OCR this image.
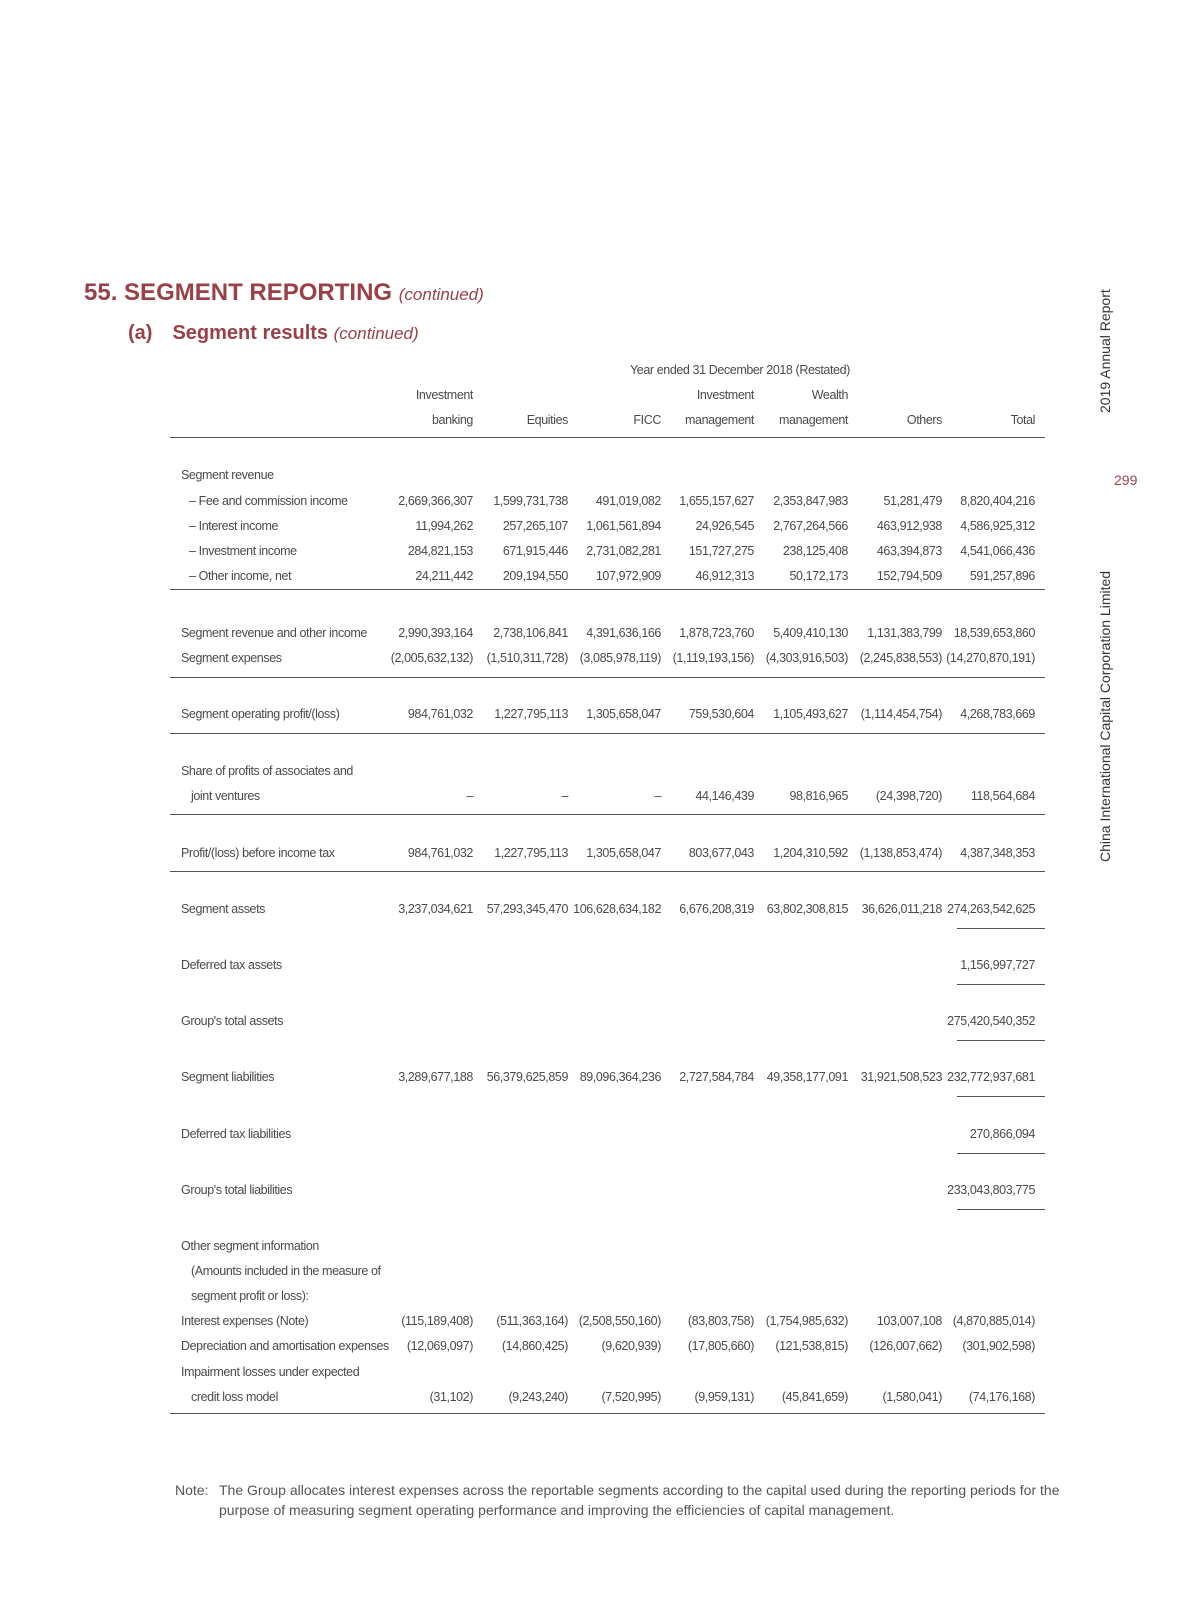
55. SEGMENT REPORTING (continued)
(a) Segment results (continued)	2019 Annual Report
299
China International Capital Corporation Limited
Year ended 31 December 2018 (Restated)
Investment
banking	Equities	FICC
Investment
management
Wealth
management	Others	Total
Segment revenue
– Fee and commission income	2,669,366,307 1,599,731,738 491,019,082 1,655,157,627 2,353,847,983	51,281,479 8,820,404,216
– Interest income	11,994,262 257,265,107 1,061,561,894	24,926,545 2,767,264,566 463,912,938 4,586,925,312
– Investment income	284,821,153 671,915,446 2,731,082,281 151,727,275 238,125,408 463,394,873 4,541,066,436
– Other income, net	24,211,442 209,194,550 107,972,909	46,912,313	50,172,173 152,794,509 591,257,896
Segment revenue and other income	2,990,393,164 2,738,106,841 4,391,636,166 1,878,723,760 5,409,410,130 1,131,383,799 18,539,653,860
Segment expenses	(2,005,632,132) (1,510,311,728) (3,085,978,119) (1,119,193,156) (4,303,916,503) (2,245,838,553) (14,270,870,191)
Segment operating profit/(loss)	984,761,032 1,227,795,113 1,305,658,047 759,530,604 1,105,493,627 (1,114,454,754) 4,268,783,669
Share of profits of associates and
joint ventures	–	–	–	44,146,439	98,816,965 (24,398,720) 118,564,684
Profit/(loss) before income tax	984,761,032 1,227,795,113 1,305,658,047 803,677,043 1,204,310,592 (1,138,853,474) 4,387,348,353
Segment assets	3,237,034,621 57,293,345,470 106,628,634,182 6,676,208,319 63,802,308,815 36,626,011,218 274,263,542,625
Deferred tax assets	1,156,997,727
Group's total assets	275,420,540,352
Segment liabilities	3,289,677,188 56,379,625,859 89,096,364,236 2,727,584,784 49,358,177,091 31,921,508,523 232,772,937,681
Deferred tax liabilities	270,866,094
Group's total liabilities	233,043,803,775
Other segment information
(Amounts included in the measure of
segment profit or loss):
Interest expenses (Note)	(115,189,408) (511,363,164) (2,508,550,160) (83,803,758) (1,754,985,632) 103,007,108 (4,870,885,014)
Depreciation and amortisation expenses (12,069,097) (14,860,425)	(9,620,939) (17,805,660) (121,538,815) (126,007,662) (301,902,598)
Impairment losses under expected
credit loss model	(31,102)	(9,243,240)	(7,520,995)	(9,959,131) (45,841,659)	(1,580,041) (74,176,168)
Note: The Group allocates interest expenses across the reportable segments according to the capital used during the reporting periods for the purpose of measuring segment operating performance and improving the efficiencies of capital management.
